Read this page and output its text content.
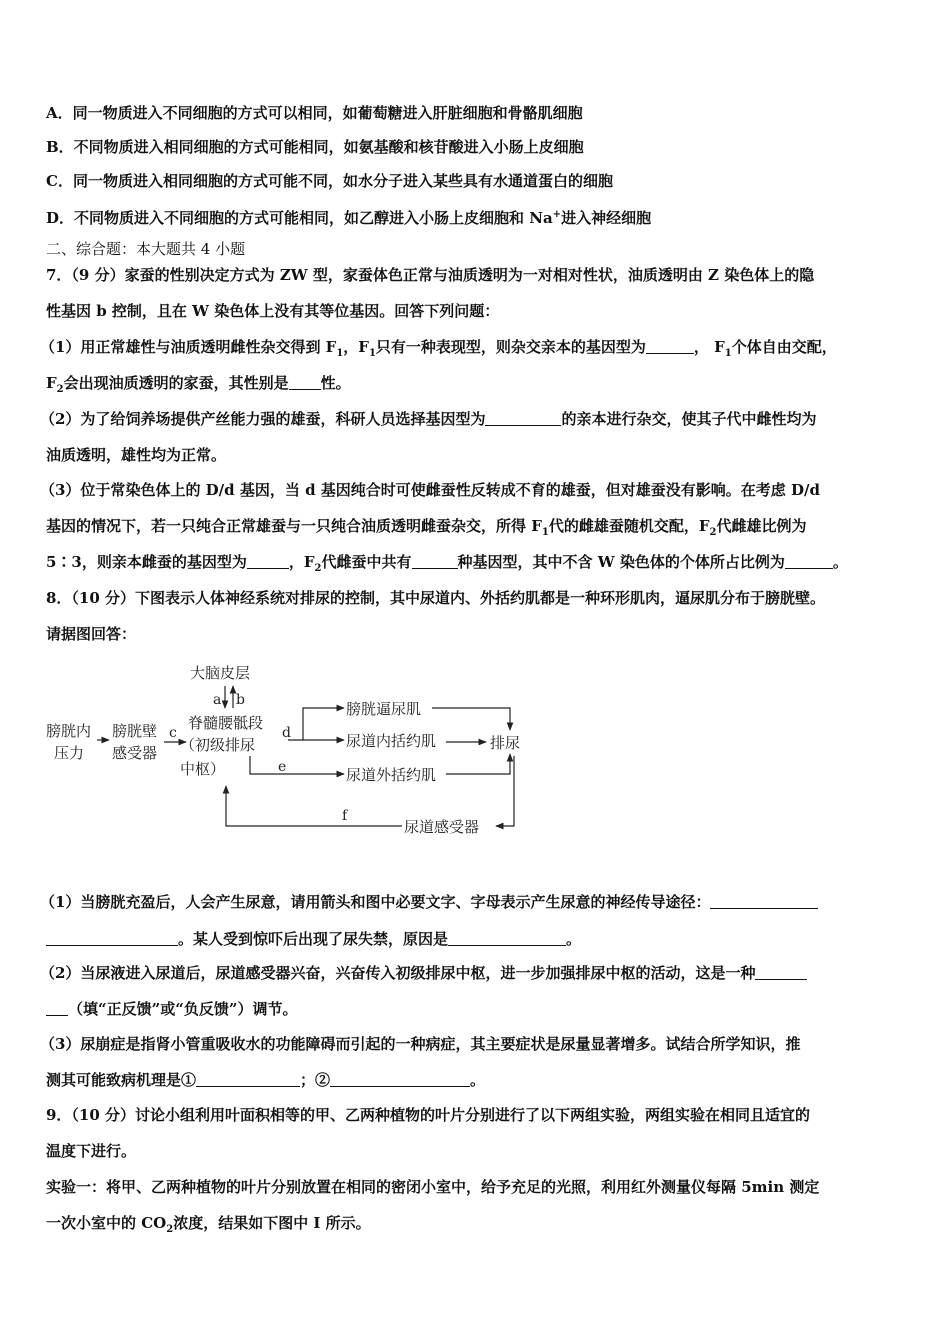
A．同一物质进入不同细胞的方式可以相同，如葡萄糖进入肝脏细胞和骨骼肌细胞
B．不同物质进入相同细胞的方式可能相同，如氨基酸和核苷酸进入小肠上皮细胞
C．同一物质进入相同细胞的方式可能不同，如水分子进入某些具有水通道蛋白的细胞
D．不同物质进入不同细胞的方式可能相同，如乙醇进入小肠上皮细胞和 Na+进入神经细胞
二、综合题：本大题共 4 小题
7．（9 分）家蚕的性别决定方式为 ZW 型，家蚕体色正常与油质透明为一对相对性状，油质透明由 Z 染色体上的隐
性基因 b 控制，且在 W 染色体上没有其等位基因。回答下列问题：
（1）用正常雄性与油质透明雌性杂交得到 $F_1$，$F_1$只有一种表现型，则杂交亲本的基因型为	， $F_1$个体自由交配，
$F_2$会出现油质透明的家蚕，其性别是 性。
（2）为了给饲养场提供产丝能力强的雄蚕，科研人员选择基因型为	的亲本进行杂交，使其子代中雌性均为
油质透明，雄性均为正常。
（3）位于常染色体上的 D/d 基因，当 d 基因纯合时可使雌蚕性反转成不育的雄蚕，但对雄蚕没有影响。在考虑 D/d
基因的情况下，若一只纯合正常雄蚕与一只纯合油质透明雌蚕杂交，所得 $F_1$代的雌雄蚕随机交配，$F_2$代雌雄比例为
5∶3，则亲本雌蚕的基因型为	，$F_2$代雌蚕中共有	种基因型，其中不含 W 染色体的个体所占比例为	。
8．（10 分）下图表示人体神经系统对排尿的控制，其中尿道内、外括约肌都是一种环形肌肉，逼尿肌分布于膀胱壁。
请据图回答：
大脑皮层
a b
膀胱内
压力
膀胱壁
感受器
c
脊髓腰骶段
（初级排尿
中枢）
d
e
膀胱逼尿肌
尿道内括约肌
尿道外括约肌
排尿
尿道感受器
f
（1）当膀胱充盈后，人会产生尿意，请用箭头和图中必要文字、字母表示产生尿意的神经传导途径：
。某人受到惊吓后出现了尿失禁，原因是	。
（2）当尿液进入尿道后，尿道感受器兴奋，兴奋传入初级排尿中枢，进一步加强排尿中枢的活动，这是一种
（填“正反馈”或“负反馈”）调节。
（3）尿崩症是指肾小管重吸收水的功能障碍而引起的一种病症，其主要症状是尿量显著增多。试结合所学知识，推
测其可能致病机理是①	；②	。
9．（10 分）讨论小组利用叶面积相等的甲、乙两种植物的叶片分别进行了以下两组实验，两组实验在相同且适宜的
温度下进行。
实验一：将甲、乙两种植物的叶片分别放置在相同的密闭小室中，给予充足的光照，利用红外测量仪每隔 5min 测定
一次小室中的 $CO_2$浓度，结果如下图中 I 所示。
